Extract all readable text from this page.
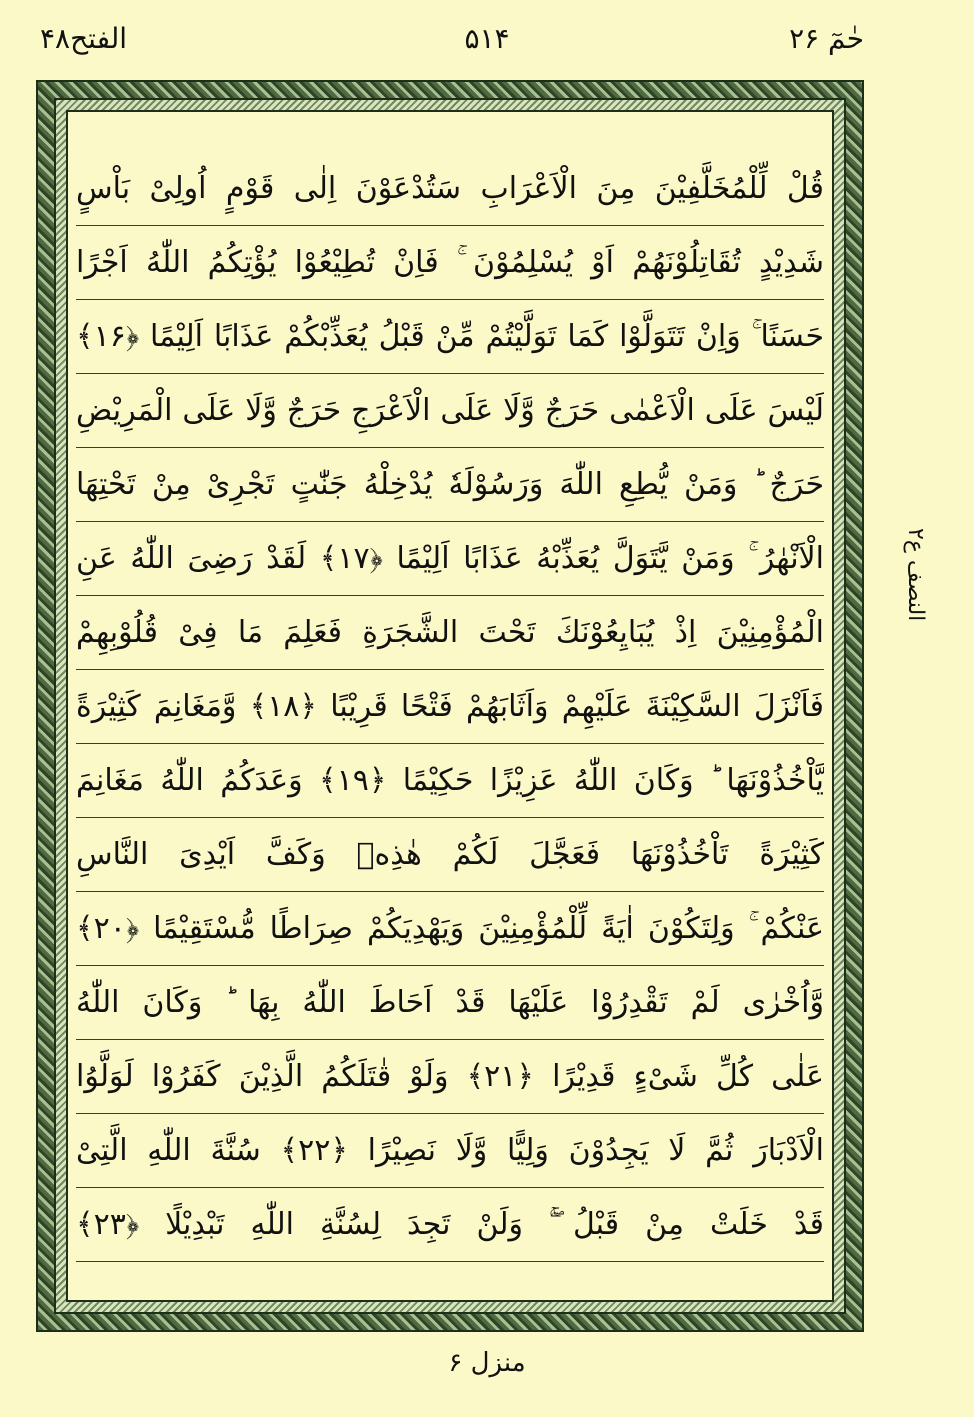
الفتح۴۸	۵۱۴	حٰمٓ ۲۶
قُلْ لِّلْمُخَلَّفِيْنَ مِنَ الْاَعْرَابِ سَتُدْعَوْنَ اِلٰى قَوْمٍ اُولِىْ بَاْسٍ
شَدِيْدٍ تُقَاتِلُوْنَهُمْ اَوْ يُسْلِمُوْنَ ۚ فَاِنْ تُطِيْعُوْا يُؤْتِكُمُ اللّٰهُ اَجْرًا
حَسَنًا ۚ وَاِنْ تَتَوَلَّوْا كَمَا تَوَلَّيْتُمْ مِّنْ قَبْلُ يُعَذِّبْكُمْ عَذَابًا اَلِيْمًا ﴿۱۶﴾
لَيْسَ عَلَى الْاَعْمٰى حَرَجٌ وَّلَا عَلَى الْاَعْرَجِ حَرَجٌ وَّلَا عَلَى الْمَرِيْضِ
حَرَجٌ ؕ وَمَنْ يُّطِعِ اللّٰهَ وَرَسُوْلَهٗ يُدْخِلْهُ جَنّٰتٍ تَجْرِىْ مِنْ تَحْتِهَا
الْاَنْهٰرُ ۚ وَمَنْ يَّتَوَلَّ يُعَذِّبْهُ عَذَابًا اَلِيْمًا ﴿۱۷﴾ لَقَدْ رَضِىَ اللّٰهُ عَنِ
الْمُؤْمِنِيْنَ اِذْ يُبَايِعُوْنَكَ تَحْتَ الشَّجَرَةِ فَعَلِمَ مَا فِىْ قُلُوْبِهِمْ
فَاَنْزَلَ السَّكِيْنَةَ عَلَيْهِمْ وَاَثَابَهُمْ فَتْحًا قَرِيْبًا ﴿۱۸﴾ وَّمَغَانِمَ كَثِيْرَةً
يَّاْخُذُوْنَهَا ؕ وَكَانَ اللّٰهُ عَزِيْزًا حَكِيْمًا ﴿۱۹﴾ وَعَدَكُمُ اللّٰهُ مَغَانِمَ
كَثِيْرَةً تَاْخُذُوْنَهَا فَعَجَّلَ لَكُمْ هٰذِهٖ وَكَفَّ اَيْدِىَ النَّاسِ
عَنْكُمْ ۚ وَلِتَكُوْنَ اٰيَةً لِّلْمُؤْمِنِيْنَ وَيَهْدِيَكُمْ صِرَاطًا مُّسْتَقِيْمًا ﴿۲۰﴾
وَّاُخْرٰى لَمْ تَقْدِرُوْا عَلَيْهَا قَدْ اَحَاطَ اللّٰهُ بِهَا ؕ وَكَانَ اللّٰهُ
عَلٰى كُلِّ شَىْءٍ قَدِيْرًا ﴿۲۱﴾ وَلَوْ قٰتَلَكُمُ الَّذِيْنَ كَفَرُوْا لَوَلَّوُا
الْاَدْبَارَ ثُمَّ لَا يَجِدُوْنَ وَلِيًّا وَّلَا نَصِيْرًا ﴿۲۲﴾ سُنَّةَ اللّٰهِ الَّتِىْ
قَدْ خَلَتْ مِنْ قَبْلُ ۚۖ وَلَنْ تَجِدَ لِسُنَّةِ اللّٰهِ تَبْدِيْلًا ﴿۲۳﴾
النصف ع۲
منزل ۶
